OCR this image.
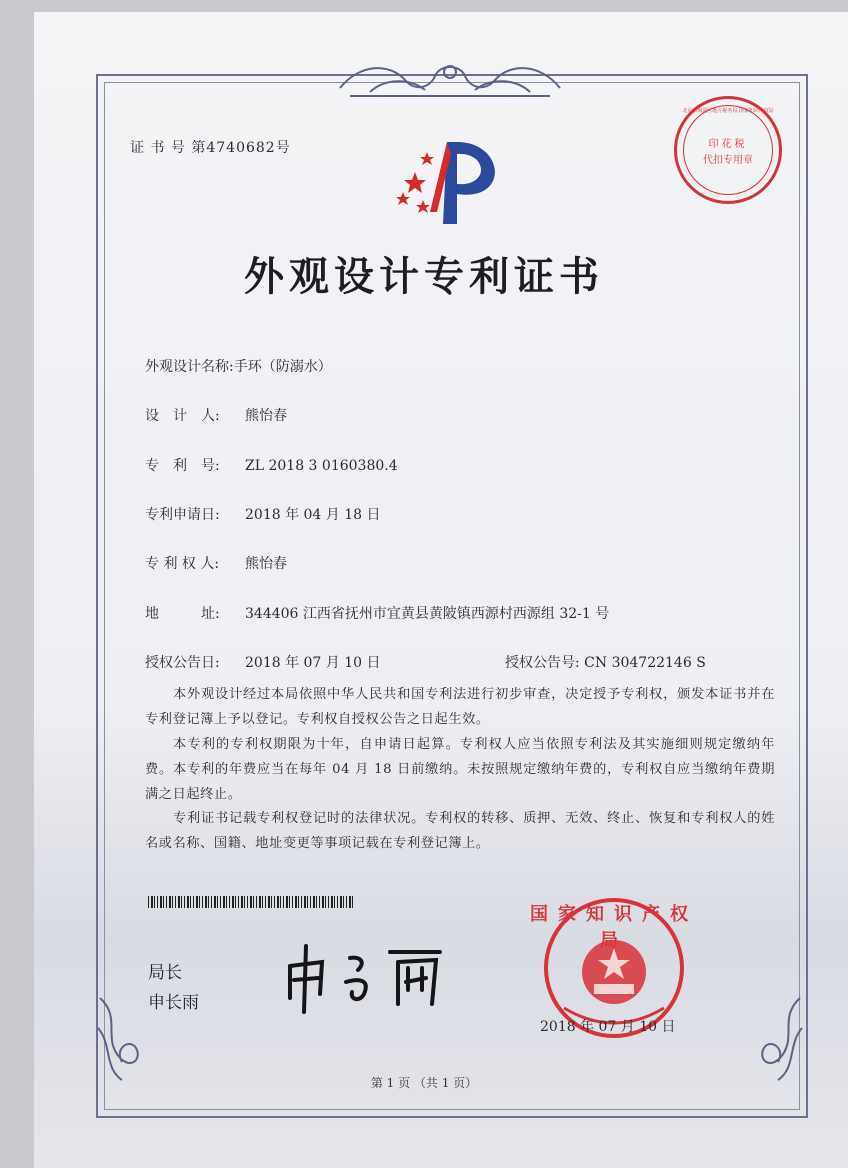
证 书 号 第4740682号	印花税
代扣专用章
北京市海淀区地方税务局 国家知识产权局
外观设计专利证书
外观设计名称:手环（防溺水）
设　计　人: 熊怡春
专　利　号: ZL 2018 3 0160380.4
专利申请日: 2018 年 04 月 18 日
专 利 权 人: 熊怡春
地　　　址: 344406 江西省抚州市宜黄县黄陂镇西源村西源组 32-1 号
授权公告日: 2018 年 07 月 10 日	授权公告号: CN 304722146 S
本外观设计经过本局依照中华人民共和国专利法进行初步审查，决定授予专利权，颁发本证书并在专利登记簿上予以登记。专利权自授权公告之日起生效。
本专利的专利权期限为十年，自申请日起算。专利权人应当依照专利法及其实施细则规定缴纳年费。本专利的年费应当在每年 04 月 18 日前缴纳。未按照规定缴纳年费的，专利权自应当缴纳年费期满之日起终止。
专利证书记载专利权登记时的法律状况。专利权的转移、质押、无效、终止、恢复和专利权人的姓名或名称、国籍、地址变更等事项记载在专利登记簿上。
局长
申长雨
国家知识产权局
2018 年 07 月 10 日
第 1 页 （共 1 页）
